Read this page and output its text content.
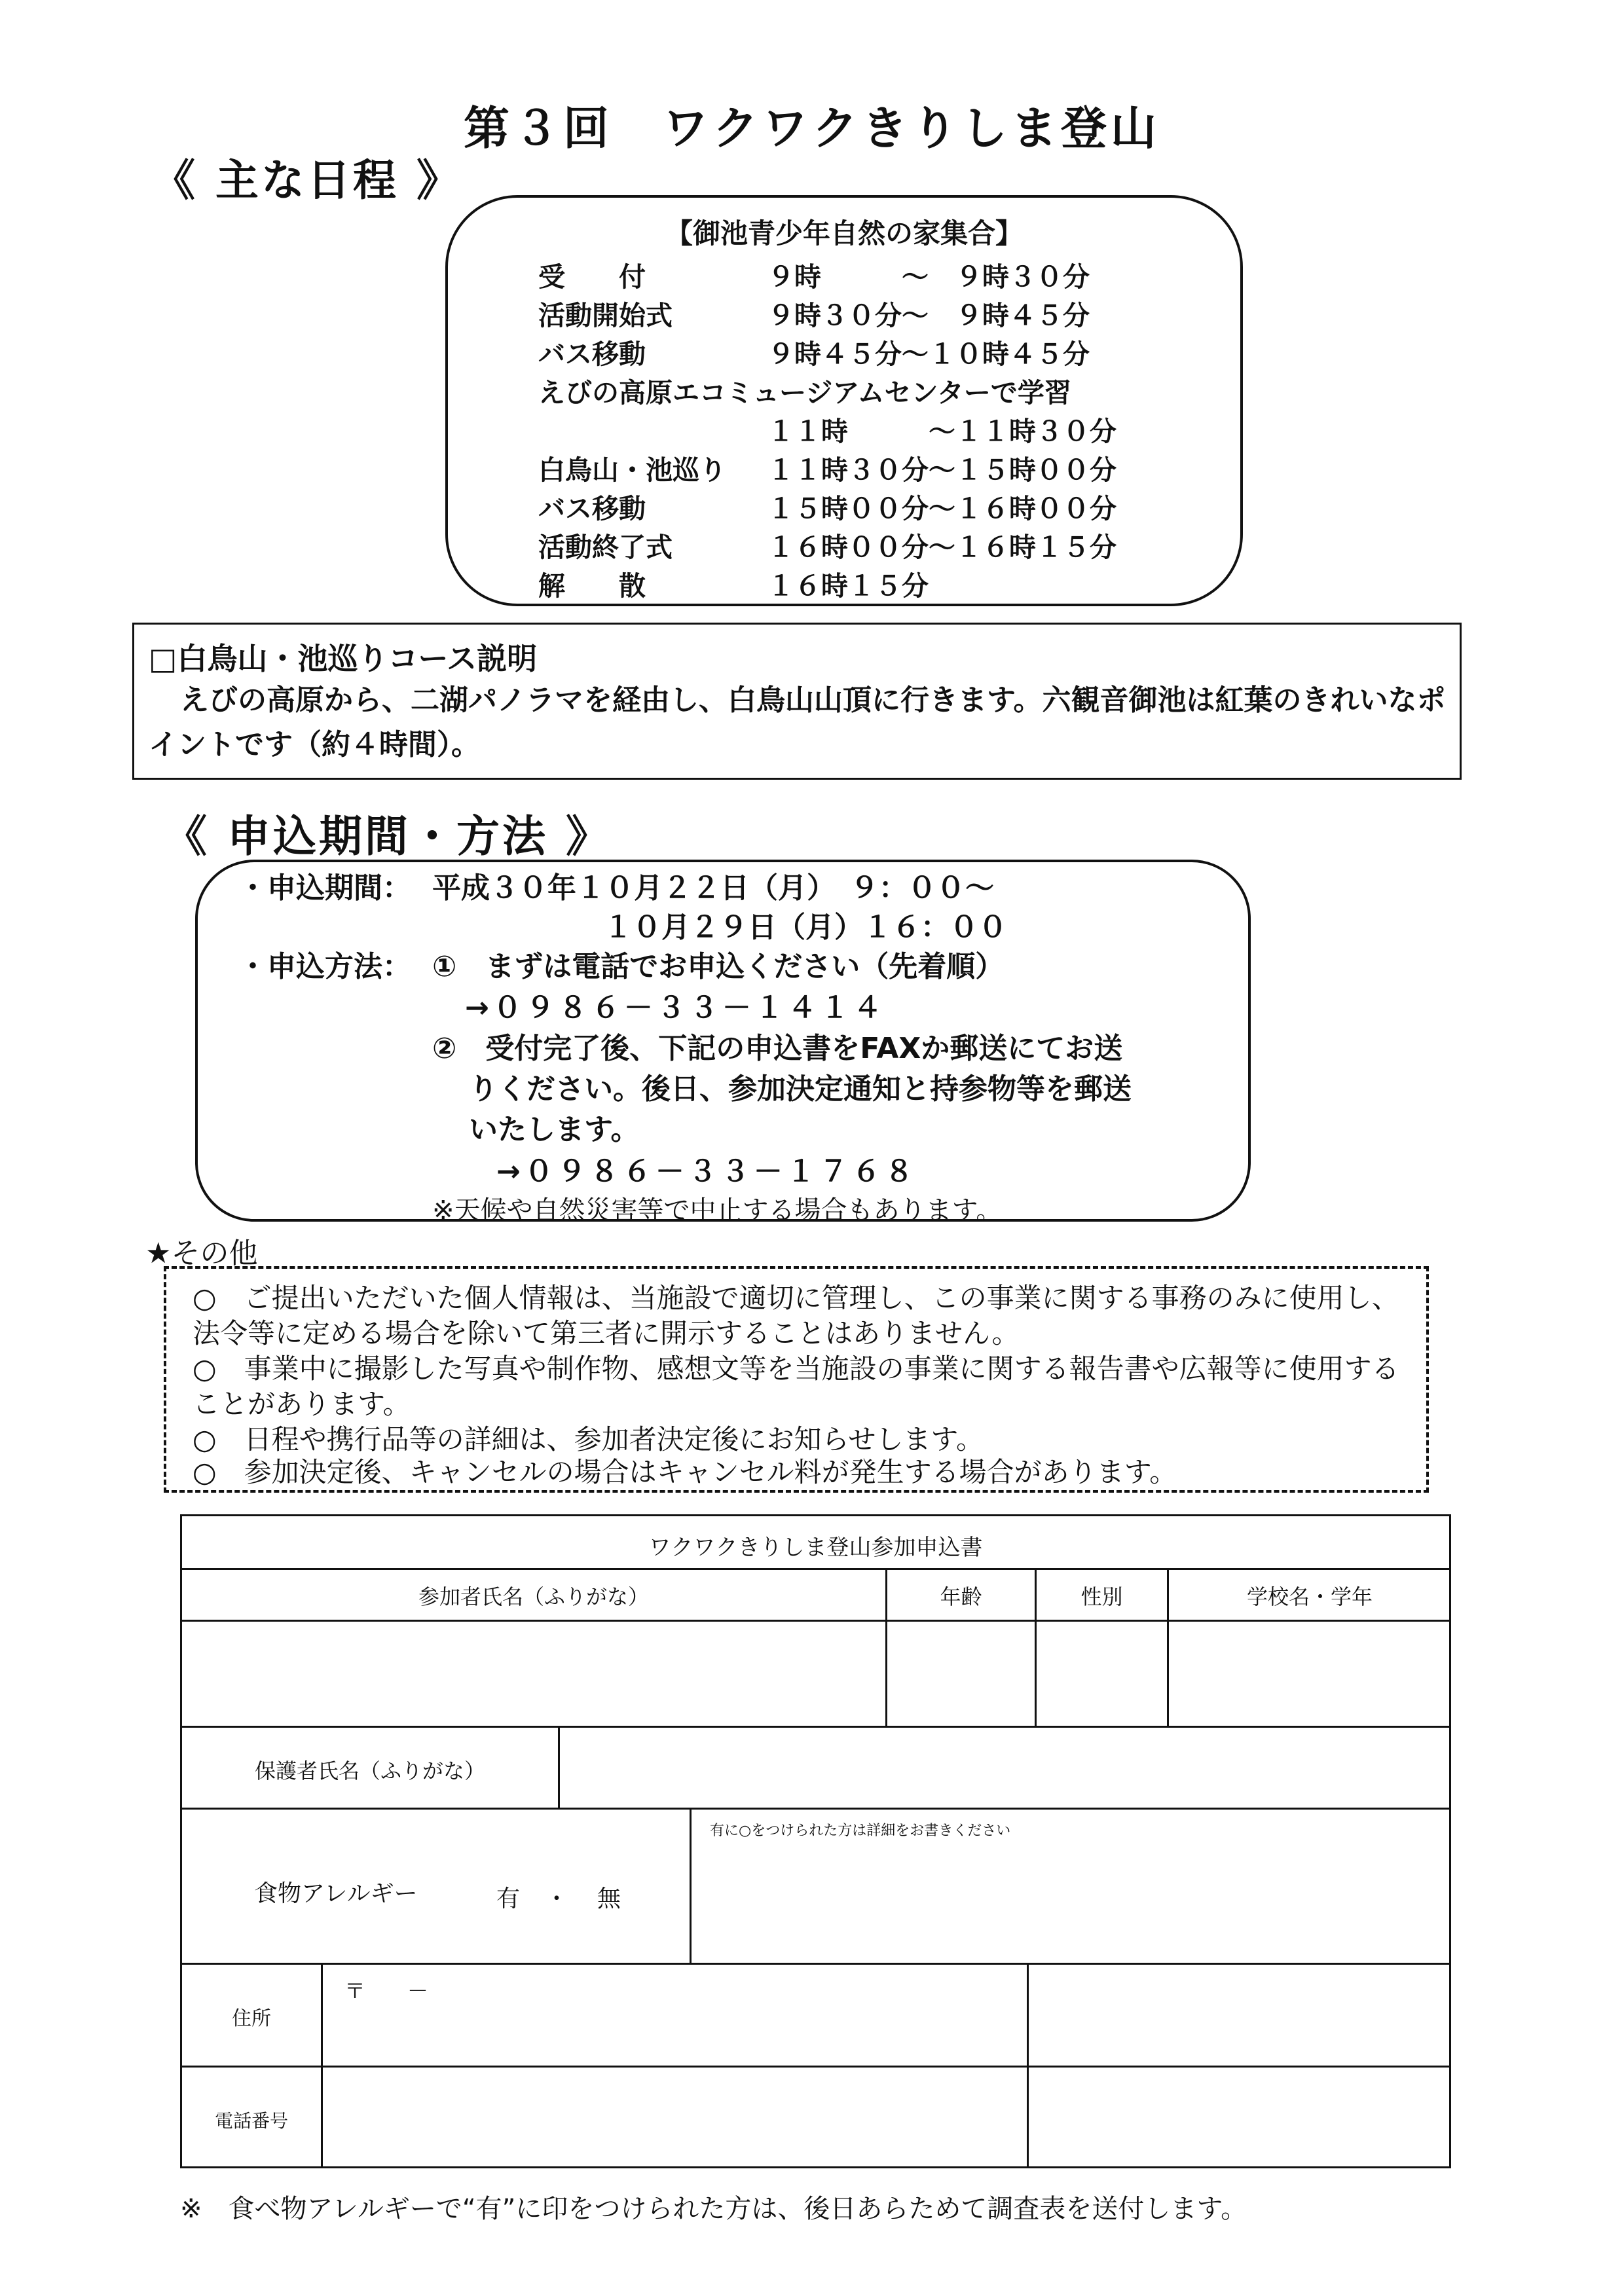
第３回　ワクワクきりしま登山
《 主な日程 》
【御池青少年自然の家集合】
受　　付	９時　　　～　９時３０分
活動開始式	９時３０分～　９時４５分
バス移動	９時４５分～１０時４５分
えびの高原エコミュージアムセンターで学習
１１時　　　～１１時３０分
白鳥山・池巡り １１時３０分～１５時００分
バス移動	１５時００分～１６時００分
活動終了式	１６時００分～１６時１５分
解　　散	１６時１５分
□白鳥山・池巡りコース説明
えびの高原から、二湖パノラマを経由し、白鳥山山頂に行きます。六観音御池は紅葉のきれいなポイントです（約４時間）。
《 申込期間・方法 》
・申込期間： 平成３０年１０月２２日（月）　９：００～
１０月２９日（月）１６：００
・申込方法： ①　まずは電話でお申込ください（先着順）
→０９８６－３３－１４１４
②　受付完了後、下記の申込書をFAXか郵送にてお送
りください。後日、参加決定通知と持参物等を郵送
いたします。
→０９８６－３３－１７６８
※天候や自然災害等で中止する場合もあります。
★その他
○　ご提出いただいた個人情報は、当施設で適切に管理し、この事業に関する事務のみに使用し、法令等に定める場合を除いて第三者に開示することはありません。
○　事業中に撮影した写真や制作物、感想文等を当施設の事業に関する報告書や広報等に使用することがあります。
○　日程や携行品等の詳細は、参加者決定後にお知らせします。
○　参加決定後、キャンセルの場合はキャンセル料が発生する場合があります。
ワクワクきりしま登山参加申込書
参加者氏名（ふりがな）	年齢	性別	学校名・学年
保護者氏名（ふりがな）
食物アレルギー	有 ・ 無
有に○をつけられた方は詳細をお書きください
住所
〒　　－
電話番号
※　食べ物アレルギーで“有”に印をつけられた方は、後日あらためて調査表を送付します。
